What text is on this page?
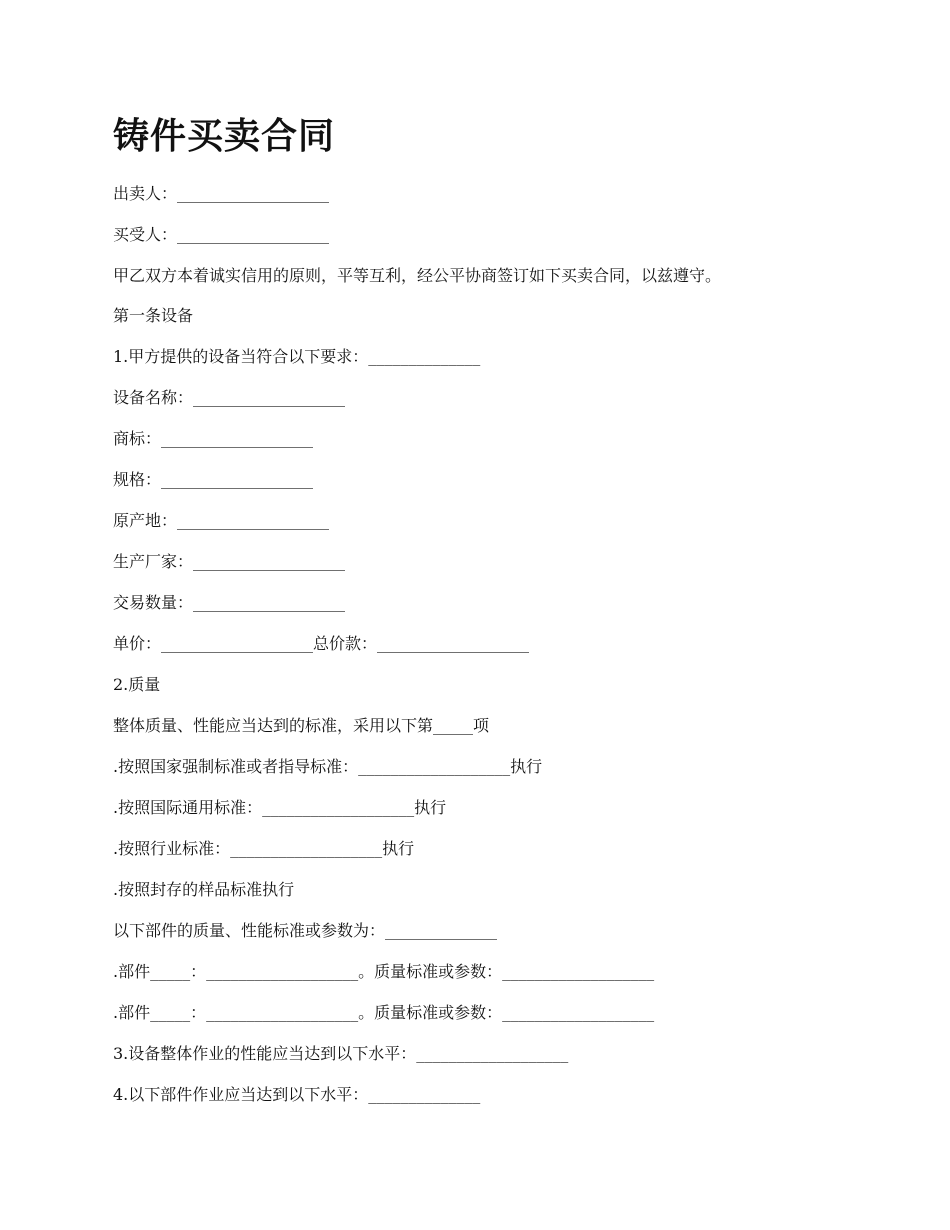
铸件买卖合同

出卖人：___________________

买受人：___________________

甲乙双方本着诚实信用的原则，平等互利，经公平协商签订如下买卖合同，以兹遵守。

第一条设备

1.甲方提供的设备当符合以下要求：______________

设备名称：___________________

商标：___________________

规格：___________________

原产地：___________________

生产厂家：___________________

交易数量：___________________

单价：___________________总价款：___________________

2.质量

整体质量、性能应当达到的标准，采用以下第_____项

.按照国家强制标准或者指导标准：___________________执行

.按照国际通用标准：___________________执行

.按照行业标准：___________________执行

.按照封存的样品标准执行

以下部件的质量、性能标准或参数为：______________

.部件_____：___________________。质量标准或参数：___________________

.部件_____：___________________。质量标准或参数：___________________

3.设备整体作业的性能应当达到以下水平：___________________

4.以下部件作业应当达到以下水平：______________
